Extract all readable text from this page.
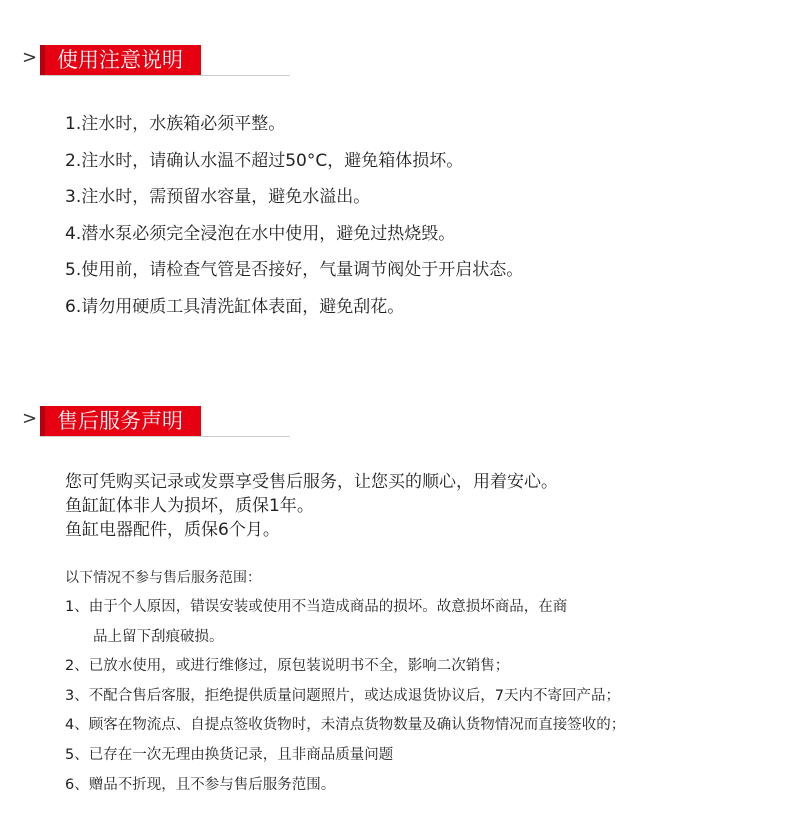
> 使用注意说明
1.注水时，水族箱必须平整。
2.注水时，请确认水温不超过50°C，避免箱体损坏。
3.注水时，需预留水容量，避免水溢出。
4.潜水泵必须完全浸泡在水中使用，避免过热烧毁。
5.使用前，请检查气管是否接好，气量调节阀处于开启状态。
6.请勿用硬质工具清洗缸体表面，避免刮花。
> 售后服务声明
您可凭购买记录或发票享受售后服务，让您买的顺心，用着安心。
鱼缸缸体非人为损坏，质保1年。
鱼缸电器配件，质保6个月。
以下情况不参与售后服务范围：
1、由于个人原因，错误安装或使用不当造成商品的损坏。故意损坏商品，在商
品上留下刮痕破损。
2、已放水使用，或进行维修过，原包装说明书不全，影响二次销售；
3、不配合售后客服，拒绝提供质量问题照片，或达成退货协议后，7天内不寄回产品；
4、顾客在物流点、自提点签收货物时，未清点货物数量及确认货物情况而直接签收的；
5、已存在一次无理由换货记录，且非商品质量问题
6、赠品不折现，且不参与售后服务范围。
